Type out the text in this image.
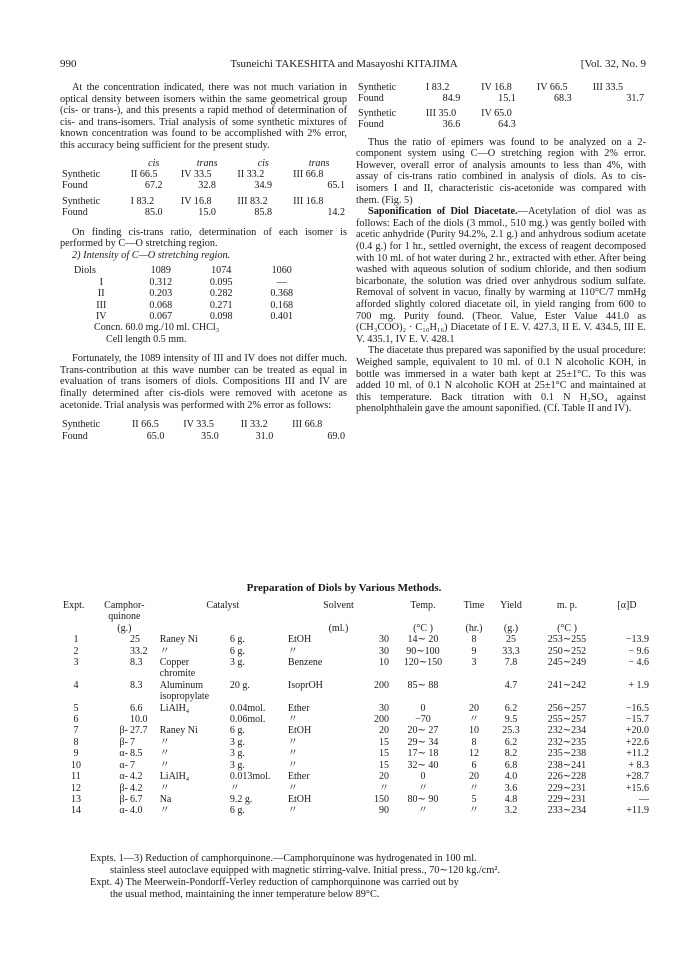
990	Tsuneichi TAKESHITA and Masayoshi KITAJIMA	[Vol. 32, No. 9

At the concentration indicated, there was not much variation in optical density between isomers within the same geometrical group (cis- or trans-), and this presents a rapid method of determination of cis- and trans-isomers. Trial analysis of some synthetic mixtures of known concentration was found to be accomplished with 2% error, this accuracy being sufficient for the present study.

	cis	trans	cis	trans
Synthetic	II 66.5	IV 33.5	II 33.2	III 66.8
Found	67.2	32.8	34.9	65.1

Synthetic	I 83.2	IV 16.8	III 83.2	III 16.8
Found	85.0	15.0	85.8	14.2

On finding cis-trans ratio, determination of each isomer is performed by C—O stretching region.

2) Intensity of C—O stretching region.

Diols	1089	1074	1060
I	0.312	0.095	—
II	0.203	0.282	0.368
III	0.068	0.271	0.168
IV	0.067	0.098	0.401
Concn. 60.0 mg./10 ml. CHCl₃			
Cell length 0.5 mm.			

Fortunately, the 1089 intensity of III and IV does not differ much. Trans-contribution at this wave number can be treated as equal in evaluation of trans isomers of diols. Compositions III and IV are finally determined after cis-diols were removed with acetone as acetonide. Trial analysis was performed with 2% error as follows:

Synthetic	II 66.5	IV 33.5	II 33.2	III 66.8
Found	65.0	35.0	31.0	69.0
Synthetic	I 83.2	IV 16.8	IV 66.5	III 33.5
Found	84.9	15.1	68.3	31.7

Synthetic	III 35.0	IV 65.0		
Found	36.6	64.3		

Thus the ratio of epimers was found to be analyzed on a 2-component system using C—O stretching region with 2% error. However, overall error of analysis amounts to less than 4%, with assay of cis-trans ratio combined in analysis of diols. As to cis-isomers I and II, characteristic cis-acetonide was compared with them. (Fig. 5)

Saponification of Diol Diacetate.—Acetylation of diol was as follows: Each of the diols (3 mmol., 510 mg.) was gently boiled with acetic anhydride (Purity 94.2%, 2.1 g.) and anhydrous sodium acetate (0.4 g.) for 1 hr., settled overnight, the excess of reagent decomposed with 10 ml. of hot water during 2 hr., extracted with ether. After being washed with aqueous solution of sodium chloride, and then sodium bicarbonate, the solution was dried over anhydrous sodium sulfate. Removal of solvent in vacuo, finally by warming at 110°C/7 mmHg afforded slightly colored diacetate oil, in yield ranging from 600 to 700 mg. Purity found. (Theor. Value, Ester Value 441.0 as (CH₃COO)₂ · C₁₀H₁₆) Diacetate of I E. V. 427.3, II E. V. 434.5, III E. V. 435.1, IV E. V. 428.1

The diacetate thus prepared was saponified by the usual procedure: Weighed sample, equivalent to 10 ml. of 0.1 N alcoholic KOH, in bottle was immersed in a water bath kept at 25±1°C. To this was added 10 ml. of 0.1 N alcoholic KOH at 25±1°C and maintained at this temperature. Back titration with 0.1 N H₂SO₄ against phenolphthalein gave the amount saponified. (Cf. Table II and IV).

Preparation of Diols by Various Methods.
Expt.	Camphor-		Catalyst		Solvent		Temp.	Time	Yield	m. p.	[α]D
	quinone										
	(g.)				(ml.)		(°C )	(hr.)	(g.)	(°C )	
1		25	Raney Ni	6 g.	EtOH	30	14∼ 20	8	25	253∼255	−13.9
2		33.2	〃	6 g.	〃	30	90∼100	9	33.3	250∼252	− 9.6
3		8.3	Copper	3 g.	Benzene	10	120∼150	3	7.8	245∼249	− 4.6
			chromite								
4		8.3	Aluminum	20 g.	IsoprOH	200	85∼ 88		4.7	241∼242	+ 1.9
			isopropylate								
5		6.6	LiAlH₄	0.04mol.	Ether	30	0	20	6.2	256∼257	−16.5
6		10.0		0.06mol.	〃	200	−70	〃	9.5	255∼257	−15.7
7	β-	27.7	Raney Ni	6 g.	EtOH	20	20∼ 27	10	25.3	232∼234	+20.0
8	β-	7	〃	3 g.	〃	15	29∼ 34	8	6.2	232∼235	+22.6
9	α-	8.5	〃	3 g.	〃	15	17∼ 18	12	8.2	235∼238	+11.2
10	α-	7	〃	3 g.	〃	15	32∼ 40	6	6.8	238∼241	+ 8.3
11	α-	4.2	LiAlH₄	0.013mol.	Ether	20	0	20	4.0	226∼228	+28.7
12	β-	4.2	〃	〃	〃	〃	〃	〃	3.6	229∼231	+15.6
13	β-	6.7	Na	9.2 g.	EtOH	150	80∼ 90	5	4.8	229∼231	—
14	α-	4.0	〃	6 g.	〃	90	〃	〃	3.2	233∼234	+11.9

Expts. 1—3) Reduction of camphorquinone.—Camphorquinone was hydrogenated in 100 ml.

stainless steel autoclave equipped with magnetic stirring-valve. Initial press., 70∼120 kg./cm².

Expt. 4) The Meerwein-Pondorff-Verley reduction of camphorquinone was carried out by

the usual method, maintaining the inner temperature below 89°C.
